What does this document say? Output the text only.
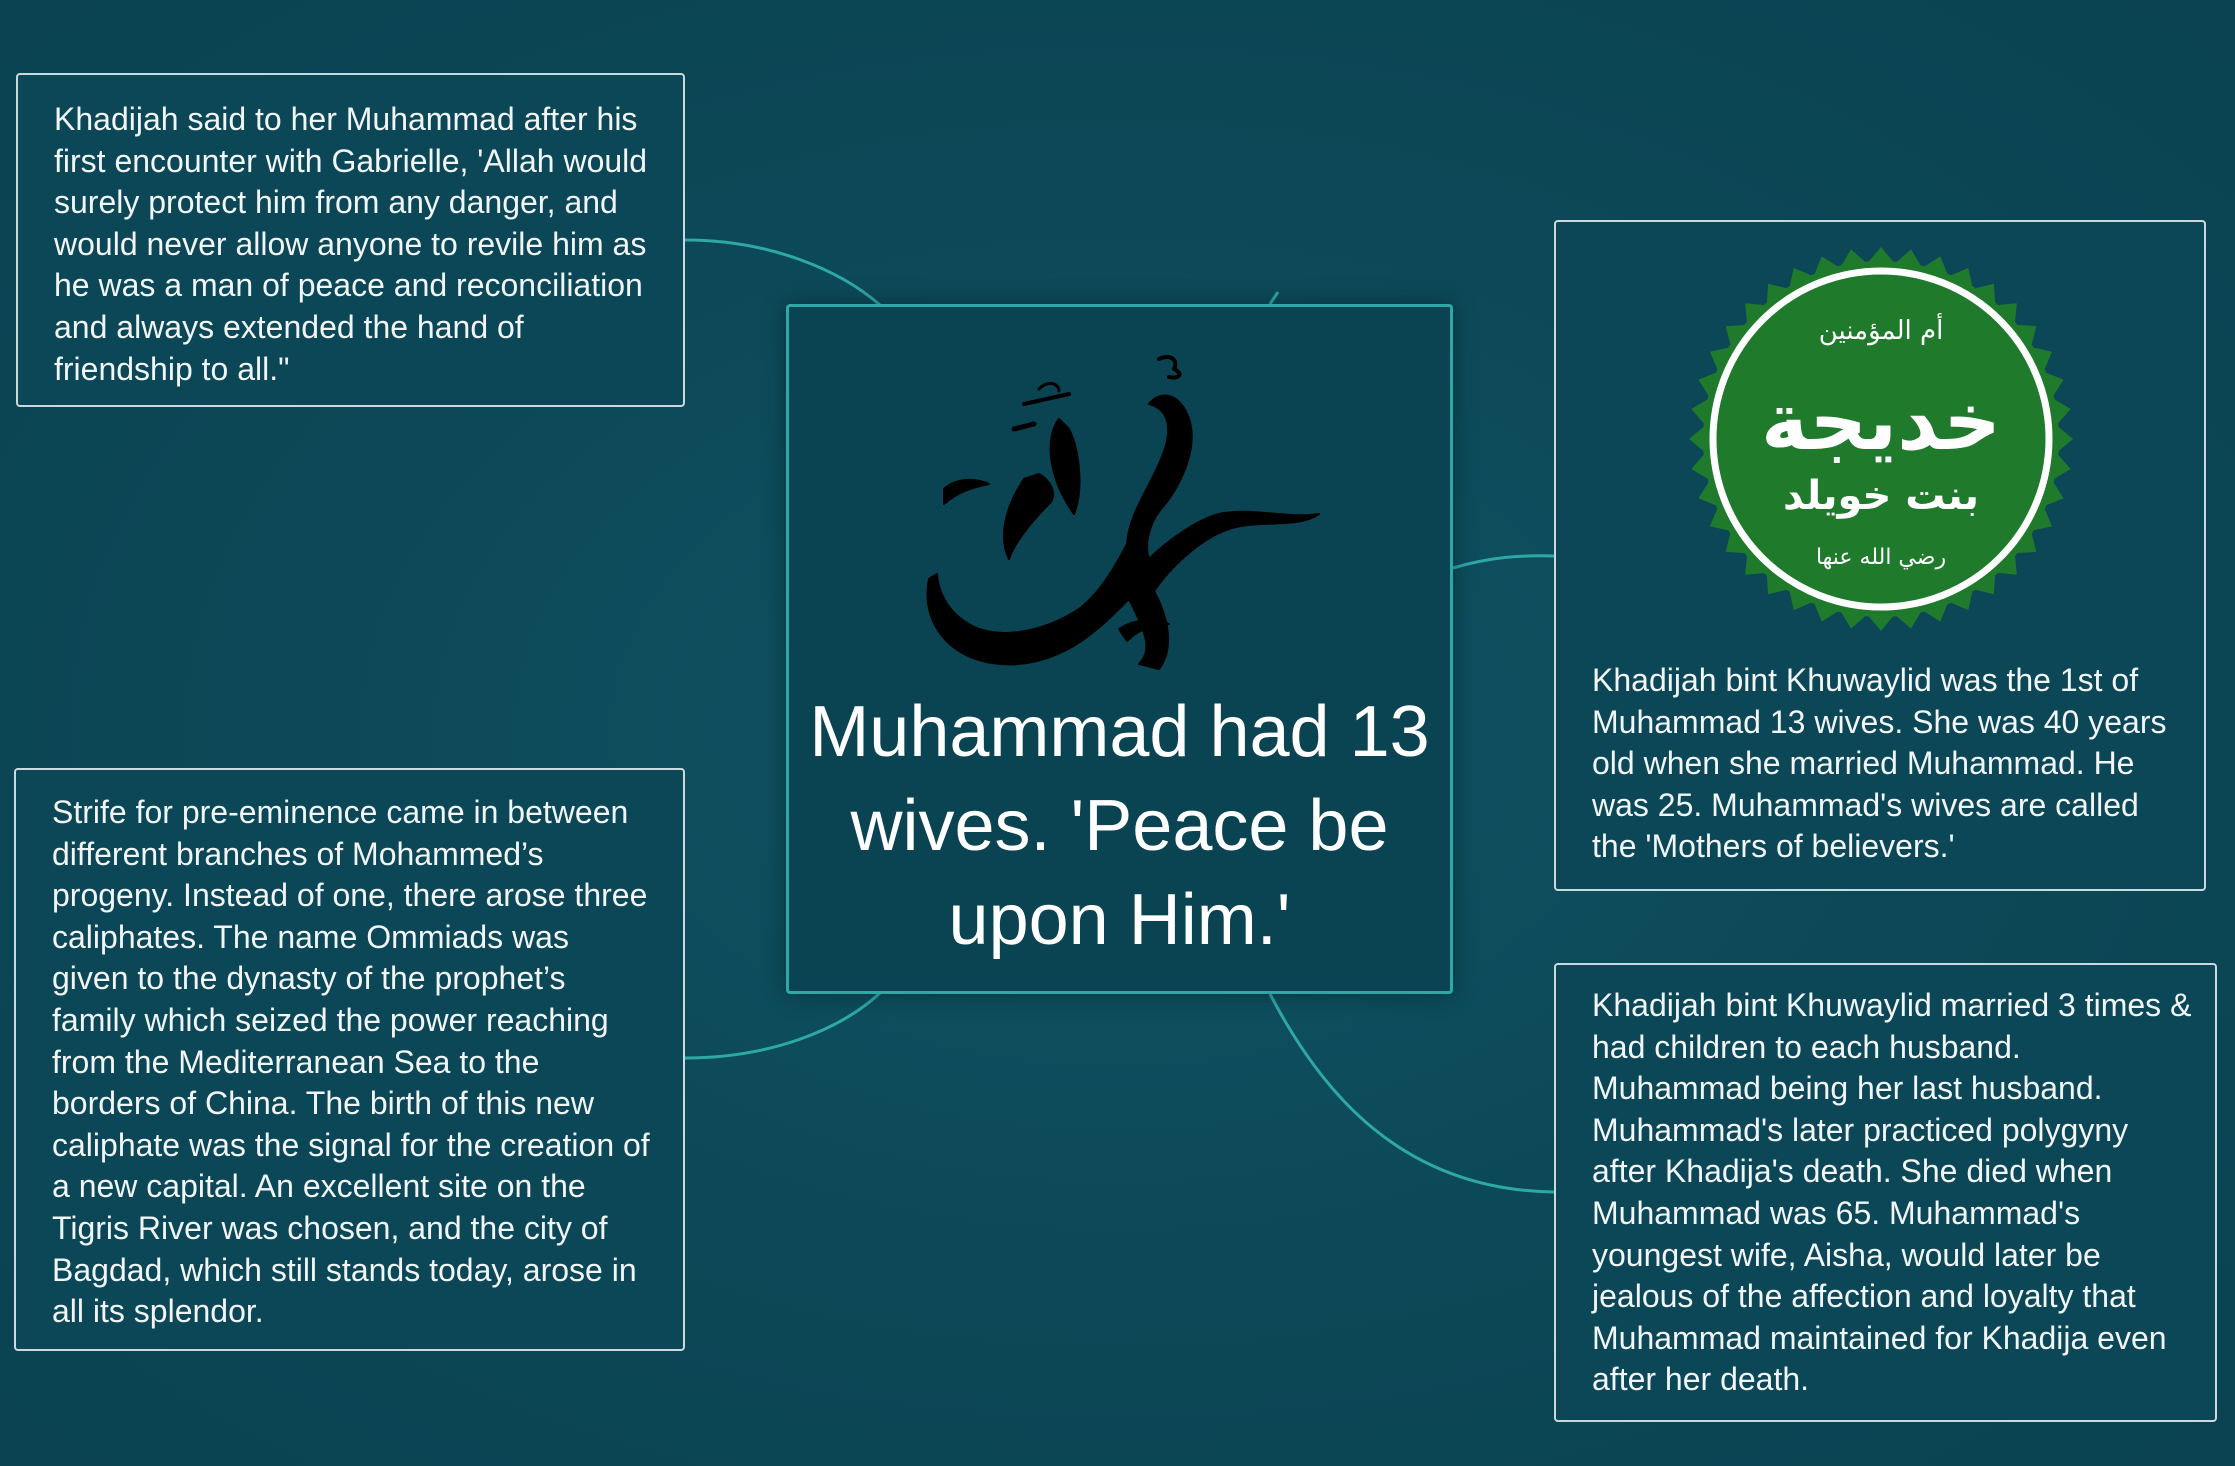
Khadijah said to her Muhammad after his first encounter with Gabrielle, 'Allah would surely protect him from any danger, and would never allow anyone to revile him as he was a man of peace and reconciliation and always extended the hand of friendship to all."
Strife for pre-eminence came in between different branches of Mohammed’s progeny. Instead of one, there arose three caliphates. The name Ommiads was given to the dynasty of the prophet’s family which seized the power reaching from the Mediterranean Sea to the borders of China. The birth of this new caliphate was the signal for the creation of a new capital. An excellent site on the Tigris River was chosen, and the city of Bagdad, which still stands today, arose in all its splendor.
Muhammad had 13 wives. 'Peace be upon Him.'
أم المؤمنين
خديجة
بنت خويلد
رضي الله عنها
Khadijah bint Khuwaylid was the 1st of Muhammad 13 wives. She was 40 years old when she married Muhammad. He was 25. Muhammad's wives are called the 'Mothers of believers.'
Khadijah bint Khuwaylid married 3 times & had children to each husband. Muhammad being her last husband. Muhammad's later practiced polygyny after Khadija's death. She died when Muhammad was 65. Muhammad's youngest wife, Aisha, would later be jealous of the affection and loyalty that Muhammad maintained for Khadija even after her death.
